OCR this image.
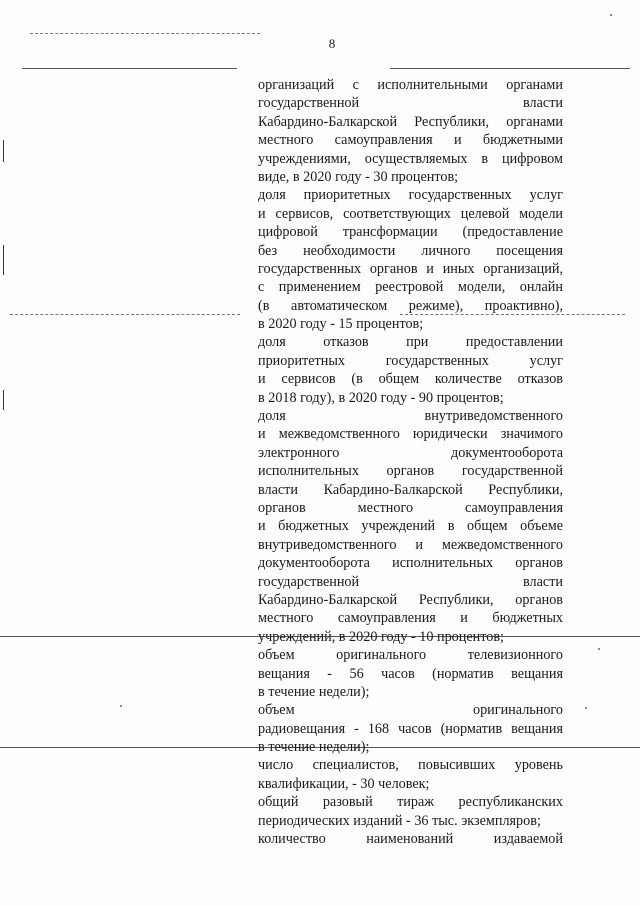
8
организаций с исполнительными органами
государственной власти
Кабардино-Балкарской Республики, органами
местного самоуправления и бюджетными
учреждениями, осуществляемых в цифровом
виде, в 2020 году - 30 процентов;
доля приоритетных государственных услуг
и сервисов, соответствующих целевой модели
цифровой трансформации (предоставление
без необходимости личного посещения
государственных органов и иных организаций,
с применением реестровой модели, онлайн
(в автоматическом режиме), проактивно),
в 2020 году - 15 процентов;
доля отказов при предоставлении
приоритетных государственных услуг
и сервисов (в общем количестве отказов
в 2018 году), в 2020 году - 90 процентов;
доля внутриведомственного
и межведомственного юридически значимого
электронного документооборота
исполнительных органов государственной
власти Кабардино-Балкарской Республики,
органов местного самоуправления
и бюджетных учреждений в общем объеме
внутриведомственного и межведомственного
документооборота исполнительных органов
государственной власти
Кабардино-Балкарской Республики, органов
местного самоуправления и бюджетных
учреждений, в 2020 году - 10 процентов;
объем оригинального телевизионного
вещания - 56 часов (норматив вещания
в течение недели);
объем оригинального
радиовещания - 168 часов (норматив вещания
в течение недели);
число специалистов, повысивших уровень
квалификации, - 30 человек;
общий разовый тираж республиканских
периодических изданий - 36 тыс. экземпляров;
количество наименований издаваемой
